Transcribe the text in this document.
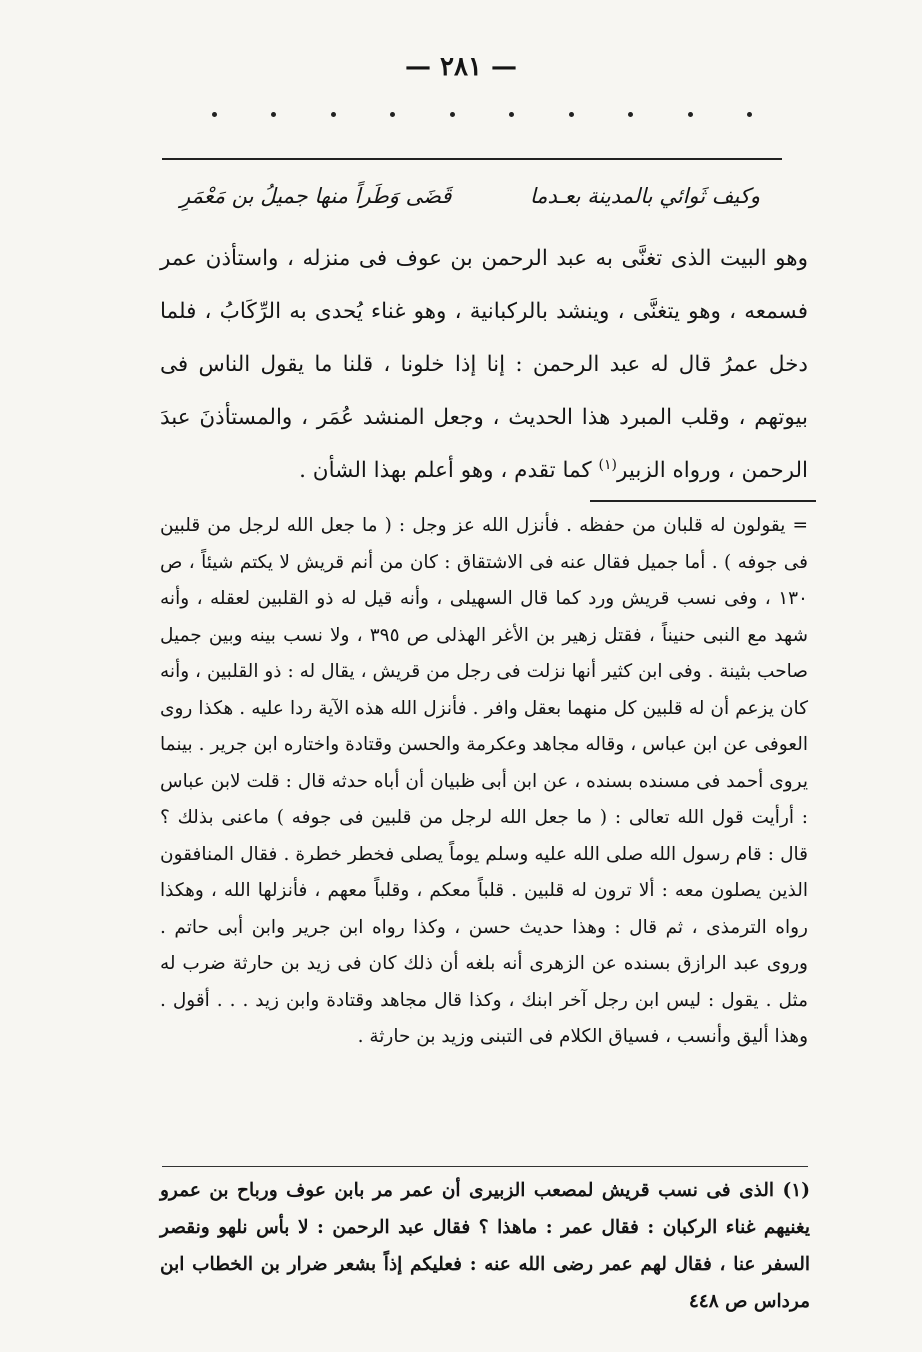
— ٢٨١ —
وكيف ثَوائي بالمدينة بعـدما
قَضَى وَطَراً منها جميلُ بن مَعْمَرِ

وهو البيت الذى تغنَّى به عبد الرحمن بن عوف فى منزله ، واستأذن عمر فسمعه ، وهو يتغنَّى ، وينشد بالركبانية ، وهو غناء يُحدى به الرِّكَابُ ، فلما دخل عمرُ قال له عبد الرحمن : إنا إذا خلونا ، قلنا ما يقول الناس فى بيوتهم ، وقلب المبرد هذا الحديث ، وجعل المنشد عُمَر ، والمستأذنَ عبدَ الرحمن ، ورواه الزبير$^{(١)}$ كما تقدم ، وهو أعلم بهذا الشأن .

= يقولون له قلبان من حفظه . فأنزل الله عز وجل : ( ما جعل الله لرجل من قلبين فى جوفه ) . أما جميل فقال عنه فى الاشتقاق : كان من أنم قريش لا يكتم شيئاً ، ص ١٣٠ ، وفى نسب قريش ورد كما قال السهيلى ، وأنه قيل له ذو القلبين لعقله ، وأنه شهد مع النبى حنيناً ، فقتل زهير بن الأغر الهذلى ص ٣٩٥ ، ولا نسب بينه وبين جميل صاحب بثينة . وفى ابن كثير أنها نزلت فى رجل من قريش ، يقال له : ذو القلبين ، وأنه كان يزعم أن له قلبين كل منهما بعقل وافر . فأنزل الله هذه الآية ردا عليه . هكذا روى العوفى عن ابن عباس ، وقاله مجاهد وعكرمة والحسن وقتادة واختاره ابن جرير . بينما يروى أحمد فى مسنده بسنده ، عن ابن أبى ظبيان أن أباه حدثه قال : قلت لابن عباس : أرأيت قول الله تعالى : ( ما جعل الله لرجل من قلبين فى جوفه ) ماعنى بذلك ؟ قال : قام رسول الله صلى الله عليه وسلم يوماً يصلى فخطر خطرة . فقال المنافقون الذين يصلون معه : ألا ترون له قلبين . قلباً معكم ، وقلباً معهم ، فأنزلها الله ، وهكذا رواه الترمذى ، ثم قال : وهذا حديث حسن ، وكذا رواه ابن جرير وابن أبى حاتم . وروى عبد الرازق بسنده عن الزهرى أنه بلغه أن ذلك كان فى زيد بن حارثة ضرب له مثل . يقول : ليس ابن رجل آخر ابنك ، وكذا قال مجاهد وقتادة وابن زيد . . . أقول . وهذا أليق وأنسب ، فسياق الكلام فى التبنى وزيد بن حارثة .

(١) الذى فى نسب قريش لمصعب الزبيرى أن عمر مر بابن عوف ورباح بن عمرو يغنيهم غناء الركبان : فقال عمر : ماهذا ؟ فقال عبد الرحمن : لا بأس نلهو ونقصر السفر عنا ، فقال لهم عمر رضى الله عنه : فعليكم إذاً بشعر ضرار بن الخطاب ابن مرداس ص ٤٤٨
